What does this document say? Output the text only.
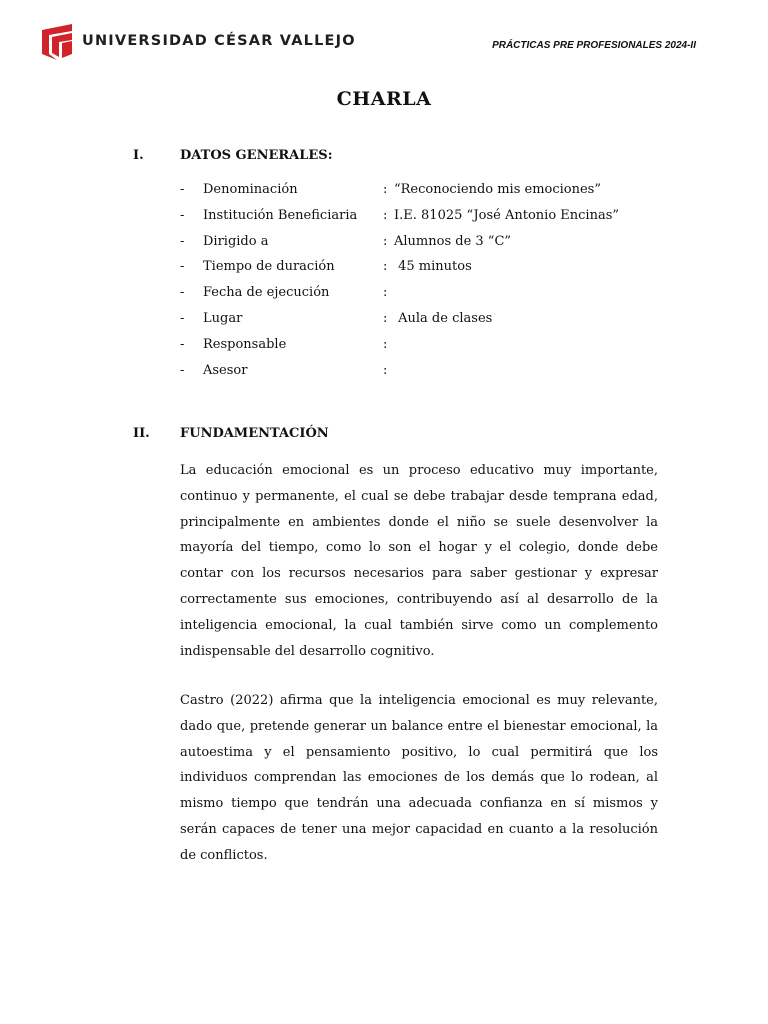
UNIVERSIDAD CÉSAR VALLEJO	PRÁCTICAS PRE PROFESIONALES 2024-II
CHARLA
I.	DATOS GENERALES:
-	Denominación	: “Reconociendo mis emociones”
-	Institución Beneficiaria	: I.E. 81025 “José Antonio Encinas”
-	Dirigido a	: Alumnos de 3 “C”
-	Tiempo de duración	: 45 minutos
-	Fecha de ejecución	:
-	Lugar	: Aula de clases
-	Responsable	:
-	Asesor	:
II. FUNDAMENTACIÓN

La educación emocional es un proceso educativo muy importante, continuo y permanente, el cual se debe trabajar desde temprana edad, principalmente en ambientes donde el niño se suele desenvolver la mayoría del tiempo, como lo son el hogar y el colegio, donde debe contar con los recursos necesarios para saber gestionar y expresar correctamente sus emociones, contribuyendo así al desarrollo de la inteligencia emocional, la cual también sirve como un complemento indispensable del desarrollo cognitivo.

Castro (2022) afirma que la inteligencia emocional es muy relevante, dado que, pretende generar un balance entre el bienestar emocional, la autoestima y el pensamiento positivo, lo cual permitirá que los individuos comprendan las emociones de los demás que lo rodean, al mismo tiempo que tendrán una adecuada confianza en sí mismos y serán capaces de tener una mejor capacidad en cuanto a la resolución de conflictos.
